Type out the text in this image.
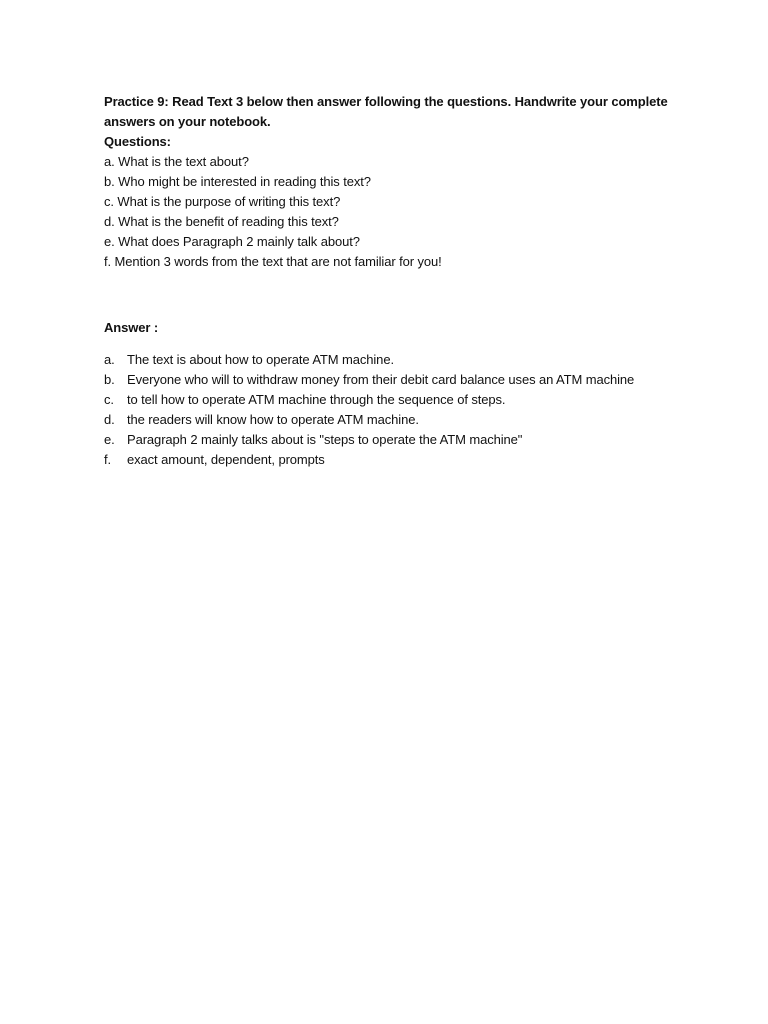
Practice 9: Read Text 3 below then answer following the questions. Handwrite your complete
answers on your notebook.
Questions:
a. What is the text about?
b. Who might be interested in reading this text?
c. What is the purpose of writing this text?
d. What is the benefit of reading this text?
e. What does Paragraph 2 mainly talk about?
f. Mention 3 words from the text that are not familiar for you!
Answer :
a. The text is about how to operate ATM machine.
b. Everyone who will to withdraw money from their debit card balance uses an ATM machine
c.	to tell how to operate ATM machine through the sequence of steps.
d. the readers will know how to operate ATM machine.
e. Paragraph 2 mainly talks about is "steps to operate the ATM machine"
f.	exact amount, dependent, prompts
